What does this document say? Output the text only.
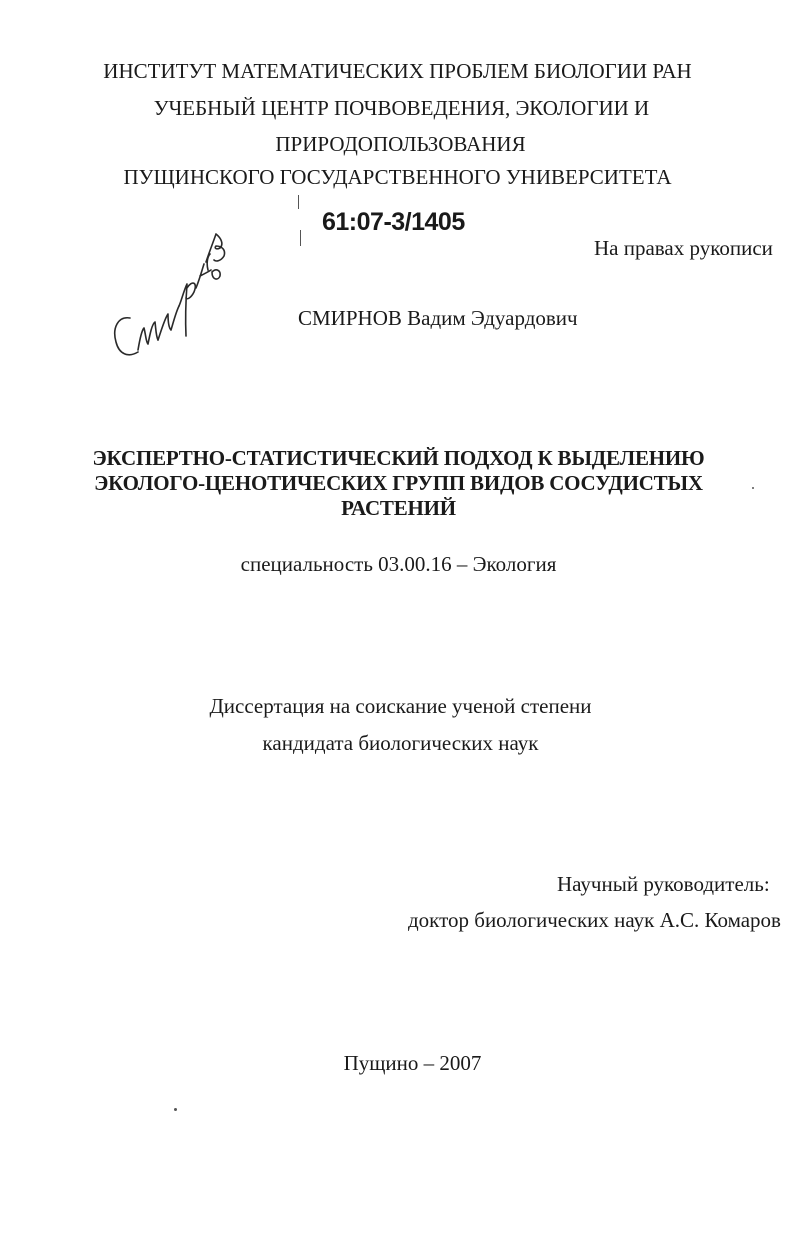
ИНСТИТУТ МАТЕМАТИЧЕСКИХ ПРОБЛЕМ БИОЛОГИИ РАН
УЧЕБНЫЙ ЦЕНТР ПОЧВОВЕДЕНИЯ, ЭКОЛОГИИ И
ПРИРОДОПОЛЬЗОВАНИЯ
ПУЩИНСКОГО ГОСУДАРСТВЕННОГО УНИВЕРСИТЕТА
61:07-3/1405
На правах рукописи
Смирнов
СМИРНОВ Вадим Эдуардович
ЭКСПЕРТНО-СТАТИСТИЧЕСКИЙ ПОДХОД К ВЫДЕЛЕНИЮ
ЭКОЛОГО-ЦЕНОТИЧЕСКИХ ГРУПП ВИДОВ СОСУДИСТЫХ
РАСТЕНИЙ
специальность 03.00.16 – Экология
Диссертация на соискание ученой степени
кандидата биологических наук
Научный руководитель:
доктор биологических наук А.С. Комаров
Пущино – 2007
